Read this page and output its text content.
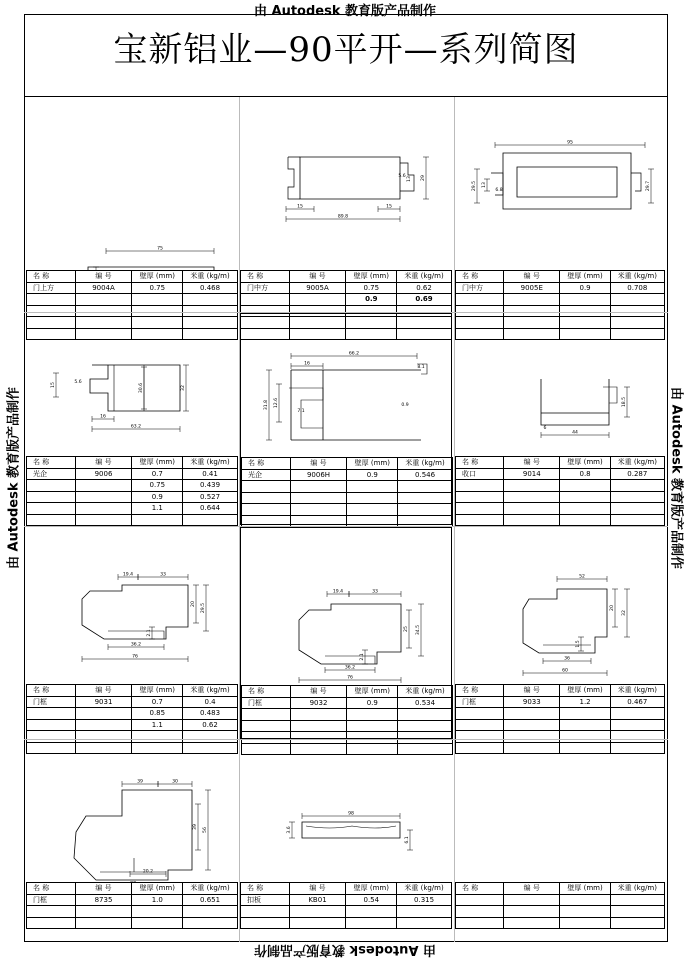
由 Autodesk 教育版产品制作
由 Autodesk 教育版产品制作
由 Autodesk 教育版产品制作	由 Autodesk 教育版产品制作
宝新铝业—90平开—系列简图
75
名 称	编 号	壁厚 (mm)	米重 (kg/m)
门上方	9004A	0.75	0.468

15	15
89.8
5.6 13 29
名 称	编 号	壁厚 (mm)	米重 (kg/m)
门中方	9005A	0.75	0.62
		0.9	0.69

95
29.5 13
6.8	29.7
名 称	编 号	壁厚 (mm)	米重 (kg/m)
门中方	9005E	0.9	0.708

15	5.6
16
63.2
30.6	32
名 称	编 号	壁厚 (mm)	米重 (kg/m)
光企	9006	0.7	0.41
		0.75	0.439
		0.9	0.527
		1.1	0.644

66.2
16
8.1
31.8 12.6
7.1
0.9
名 称	编 号	壁厚 (mm)	米重 (kg/m)
光企	9006H	0.9	0.546

18.5
44
6
名 称	编 号	壁厚 (mm)	米重 (kg/m)
收口	9014	0.8	0.287

19.4	33
20 29.5
2.1
36.2
76
名 称	编 号	壁厚 (mm)	米重 (kg/m)
门框	9031	0.7	0.4
		0.85	0.483
		1.1	0.62

19.4	33
25 34.5
2.1
36.2
76
名 称	编 号	壁厚 (mm)	米重 (kg/m)
门框	9032	0.9	0.534

52
20
32
1.5
36
60
名 称	编 号	壁厚 (mm)	米重 (kg/m)
门框	9033	1.2	0.467

39	30
56
39
20.2
名 称	编 号	壁厚 (mm)	米重 (kg/m)
门框	8735	1.0	0.651

98
3.6
6.1
名 称	编 号	壁厚 (mm)	米重 (kg/m)
扣板	KB01	0.54	0.315

名 称	编 号	壁厚 (mm)	米重 (kg/m)
